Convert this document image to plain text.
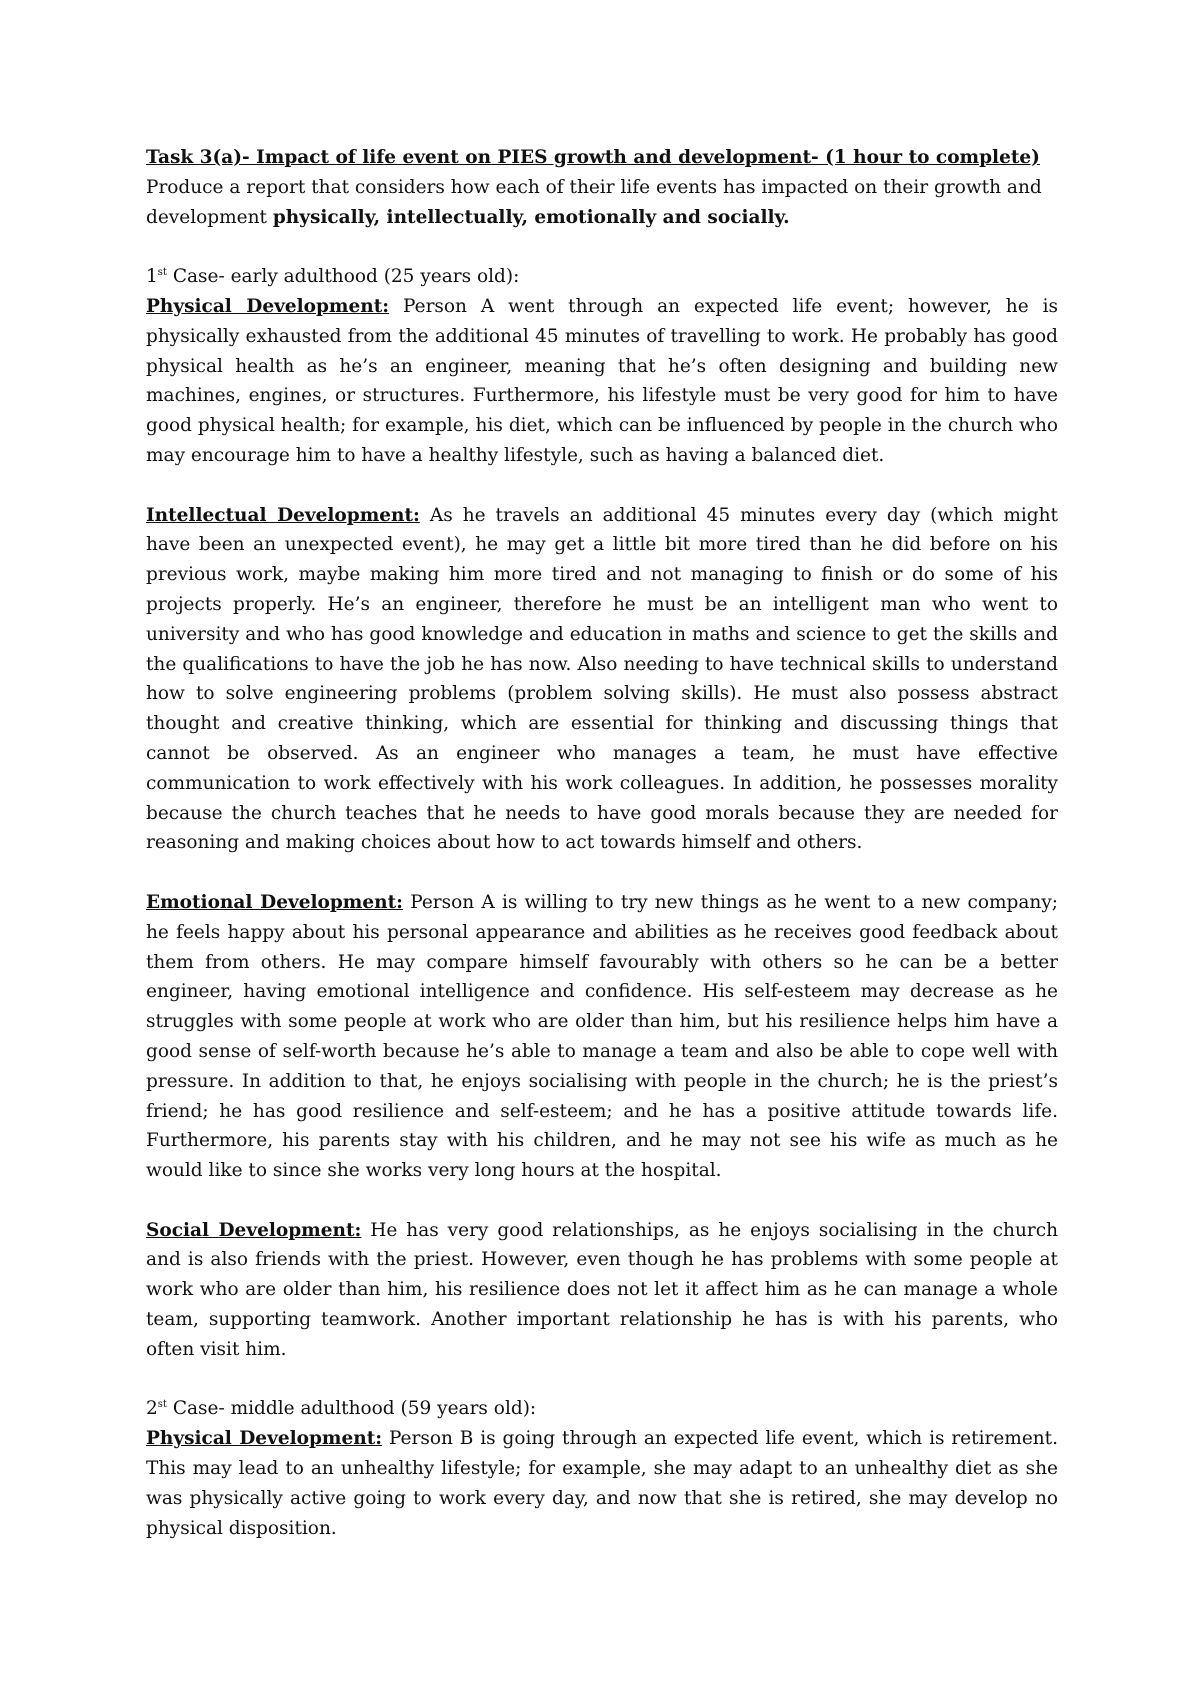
Task 3(a)- Impact of life event on PIES growth and development- (1 hour to complete)

Produce a report that considers how each of their life events has impacted on their growth and development physically, intellectually, emotionally and socially.

1st Case- early adulthood (25 years old):

Physical Development: Person A went through an expected life event; however, he is physically exhausted from the additional 45 minutes of travelling to work. He probably has good physical health as he’s an engineer, meaning that he’s often designing and building new machines, engines, or structures. Furthermore, his lifestyle must be very good for him to have good physical health; for example, his diet, which can be influenced by people in the church who may encourage him to have a healthy lifestyle, such as having a balanced diet.

Intellectual Development: As he travels an additional 45 minutes every day (which might have been an unexpected event), he may get a little bit more tired than he did before on his previous work, maybe making him more tired and not managing to finish or do some of his projects properly. He’s an engineer, therefore he must be an intelligent man who went to university and who has good knowledge and education in maths and science to get the skills and the qualifications to have the job he has now. Also needing to have technical skills to understand how to solve engineering problems (problem solving skills). He must also possess abstract thought and creative thinking, which are essential for thinking and discussing things that cannot be observed. As an engineer who manages a team, he must have effective communication to work effectively with his work colleagues. In addition, he possesses morality because the church teaches that he needs to have good morals because they are needed for reasoning and making choices about how to act towards himself and others.

Emotional Development: Person A is willing to try new things as he went to a new company; he feels happy about his personal appearance and abilities as he receives good feedback about them from others. He may compare himself favourably with others so he can be a better engineer, having emotional intelligence and confidence. His self-esteem may decrease as he struggles with some people at work who are older than him, but his resilience helps him have a good sense of self-worth because he’s able to manage a team and also be able to cope well with pressure. In addition to that, he enjoys socialising with people in the church; he is the priest’s friend; he has good resilience and self-esteem; and he has a positive attitude towards life. Furthermore, his parents stay with his children, and he may not see his wife as much as he would like to since she works very long hours at the hospital.

Social Development: He has very good relationships, as he enjoys socialising in the church and is also friends with the priest. However, even though he has problems with some people at work who are older than him, his resilience does not let it affect him as he can manage a whole team, supporting teamwork. Another important relationship he has is with his parents, who often visit him.

2st Case- middle adulthood (59 years old):

Physical Development: Person B is going through an expected life event, which is retirement. This may lead to an unhealthy lifestyle; for example, she may adapt to an unhealthy diet as she was physically active going to work every day, and now that she is retired, she may develop no physical disposition.
